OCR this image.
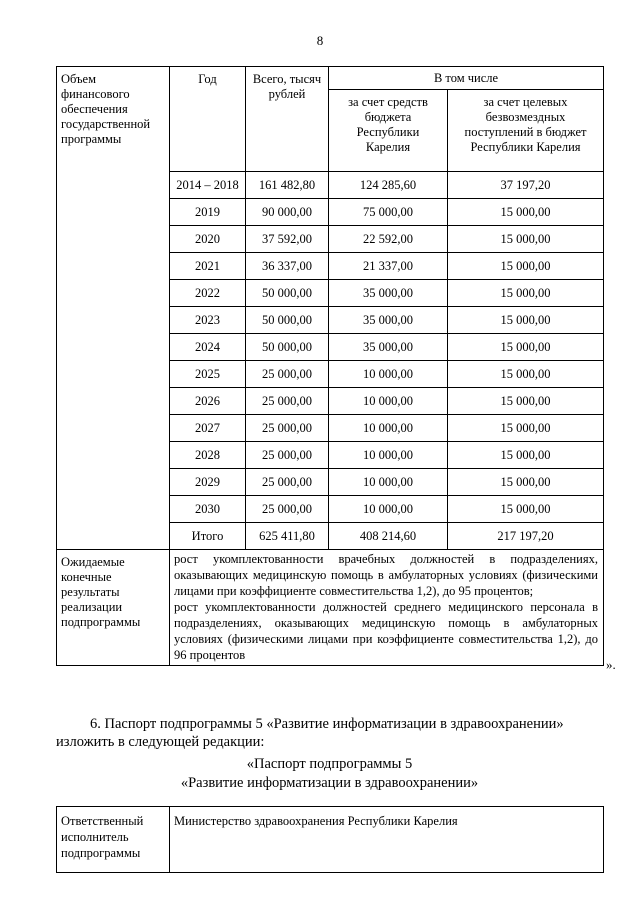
8
Объем финансового обеспечения государственной программы	Год	Всего, тысяч рублей	В том числе	
			за счет средств бюджета Республики Карелия	за счет целевых безвозмездных поступлений в бюджет Республики Карелия
	2014 – 2018	161 482,80	124 285,60	37 197,20
	2019	90 000,00	75 000,00	15 000,00
	2020	37 592,00	22 592,00	15 000,00
	2021	36 337,00	21 337,00	15 000,00
	2022	50 000,00	35 000,00	15 000,00
	2023	50 000,00	35 000,00	15 000,00
	2024	50 000,00	35 000,00	15 000,00
	2025	25 000,00	10 000,00	15 000,00
	2026	25 000,00	10 000,00	15 000,00
	2027	25 000,00	10 000,00	15 000,00
	2028	25 000,00	10 000,00	15 000,00
	2029	25 000,00	10 000,00	15 000,00
	2030	25 000,00	10 000,00	15 000,00
	Итого	625 411,80	408 214,60	217 197,20
Ожидаемые конечные результаты реализации подпрограммы	рост укомплектованности врачебных должностей в подразделениях, оказывающих медицинскую помощь в амбулаторных условиях (физическими лицами при коэффициенте совместительства 1,2), до 95 процентов;

рост укомплектованности должностей среднего медицинского персонала в подразделениях, оказывающих медицинскую помощь в амбулаторных условиях (физическими лицами при коэффициенте совместительства 1,2), до 96 процентов			

».
6. Паспорт подпрограммы 5 «Развитие информатизации в здравоохранении»
изложить в следующей редакции:
«Паспорт подпрограммы 5
«Развитие информатизации в здравоохранении»
Ответственный исполнитель подпрограммы	Министерство здравоохранения Республики Карелия
